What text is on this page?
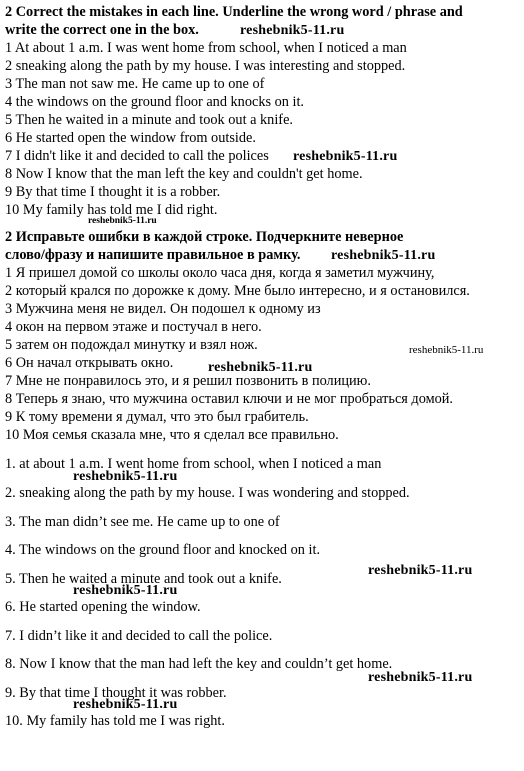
2 Correct the mistakes in each line. Underline the wrong word / phrase and
write the correct one in the box.
1 At about 1 a.m. I was went home from school, when I noticed a man
2 sneaking along the path by my house. I was interesting and stopped.
3 The man not saw me. He came up to one of
4 the windows on the ground floor and knocks on it.
5 Then he waited in a minute and took out a knife.
6 He started open the window from outside.
7 I didn't like it and decided to call the polices
8 Now I know that the man left the key and couldn't get home.
9 By that time I thought it is a robber.
10 My family has told me I did right.
2 Исправьте ошибки в каждой строке. Подчеркните неверное
слово/фразу и напишите правильное в рамку.
1 Я пришел домой со школы около часа дня, когда я заметил мужчину,
2 который крался по дорожке к дому. Мне было интересно, и я остановился.
3 Мужчина меня не видел. Он подошел к одному из
4 окон на первом этаже и постучал в него.
5 затем он подождал минутку и взял нож.
6 Он начал открывать окно.
7 Мне не понравилось это, и я решил позвонить в полицию.
8 Теперь я знаю, что мужчина оставил ключи и не мог пробраться домой.
9 К тому времени я думал, что это был грабитель.
10 Моя семья сказала мне, что я сделал все правильно.
1. at about 1 a.m. I went home from school, when I noticed a man
2. sneaking along the path by my house. I was wondering and stopped.
3. The man didn’t see me. He came up to one of
4. The windows on the ground floor and knocked on it.
5. Then he waited a minute and took out a knife.
6. He started opening the window.
7. I didn’t like it and decided to call the police.
8. Now I know that the man had left the key and couldn’t get home.
9. By that time I thought it was robber.
10. My family has told me I was right.
reshebnik5-11.ru
reshebnik5-11.ru
reshebnik5-11.ru
reshebnik5-11.ru
reshebnik5-11.ru
reshebnik5-11.ru
reshebnik5-11.ru
reshebnik5-11.ru
reshebnik5-11.ru
reshebnik5-11.ru
reshebnik5-11.ru
